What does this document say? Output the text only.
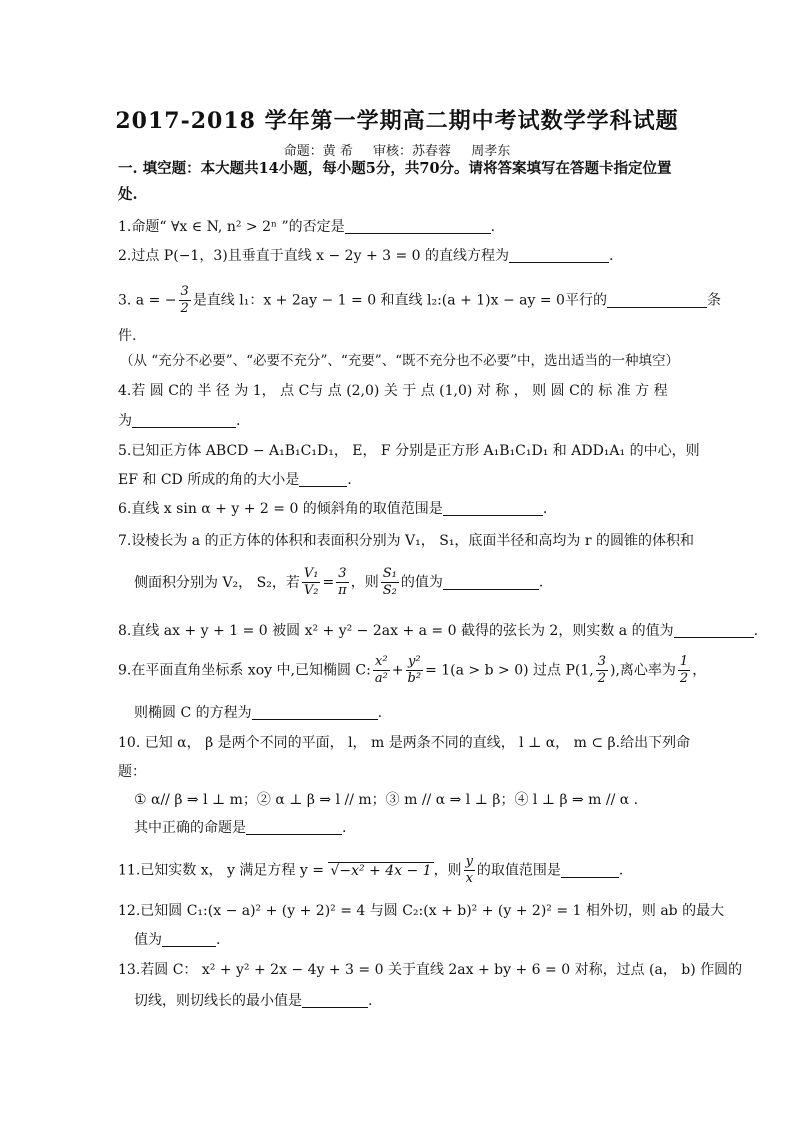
2017-2018 学年第一学期高二期中考试数学学科试题
命题：黄 希 审核：苏春蓉 周孝东
一. 填空题：本大题共14小题，每小题5分，共70分。请将答案填写在答题卡指定位置
处.
1.命题“ ∀x ∈ N, n² > 2ⁿ ”的否定是	.
2.过点 P(−1，3)且垂直于直线 x − 2y + 3 = 0 的直线方程为	.
3. a = − $\frac{3}{2}$ 是直线 l₁：x + 2ay − 1 = 0 和直线 l₂:(a + 1)x − ay = 0平行的	条
件.
（从 “充分不必要”、“必要不充分”、“充要”、“既不充分也不必要”中，选出适当的一种填空）
4.若 圆 C的 半 径 为 1， 点 C与 点 (2,0) 关 于 点 (1,0) 对 称 ， 则 圆 C的 标 准 方 程
为	.
5.已知正方体 ABCD − A₁B₁C₁D₁， E， F 分别是正方形 A₁B₁C₁D₁ 和 ADD₁A₁ 的中心，则
EF 和 CD 所成的角的大小是	.
6.直线 x sin α + y + 2 = 0 的倾斜角的取值范围是	.
7.设棱长为 a 的正方体的体积和表面积分别为 V₁， S₁，底面半径和高均为 r 的圆锥的体积和
侧面积分别为 V₂， S₂，若 $\frac{\text{V₁}}{\text{V₂}} = \frac{3}{\pi}$ ，则 $\frac{\text{S₁}}{\text{S₂}}$ 的值为	.
8.直线 ax + y + 1 = 0 被圆 x² + y² − 2ax + a = 0 截得的弦长为 2，则实数 a 的值为	.
9.在平面直角坐标系 xoy 中,已知椭圆 C: $\frac{\text{x²}}{\text{a²}} + \frac{\text{y²}}{\text{b²}} = 1(a > b > 0)$ 过点 P(1, $\frac{3}{2}$ ),离心率为 $\frac{1}{2}$ ，
则椭圆 C 的方程为	.
10. 已知 α， β 是两个不同的平面， l， m 是两条不同的直线， l ⊥ α， m ⊂ β.给出下列命
题：
① α// β ⇒ l ⊥ m；② α ⊥ β ⇒ l // m；③ m // α ⇒ l ⊥ β；④ l ⊥ β ⇒ m // α .
其中正确的命题是	.
11.已知实数 x， y 满足方程 y = √−x² + 4x − 1 ，则 $\frac{y}{x}$ 的取值范围是	.
12.已知圆 C₁:(x − a)² + (y + 2)² = 4 与圆 C₂:(x + b)² + (y + 2)² = 1 相外切，则 ab 的最大
值为	.
13.若圆 C： x² + y² + 2x − 4y + 3 = 0 关于直线 2ax + by + 6 = 0 对称，过点 (a， b) 作圆的
切线，则切线长的最小值是	.
